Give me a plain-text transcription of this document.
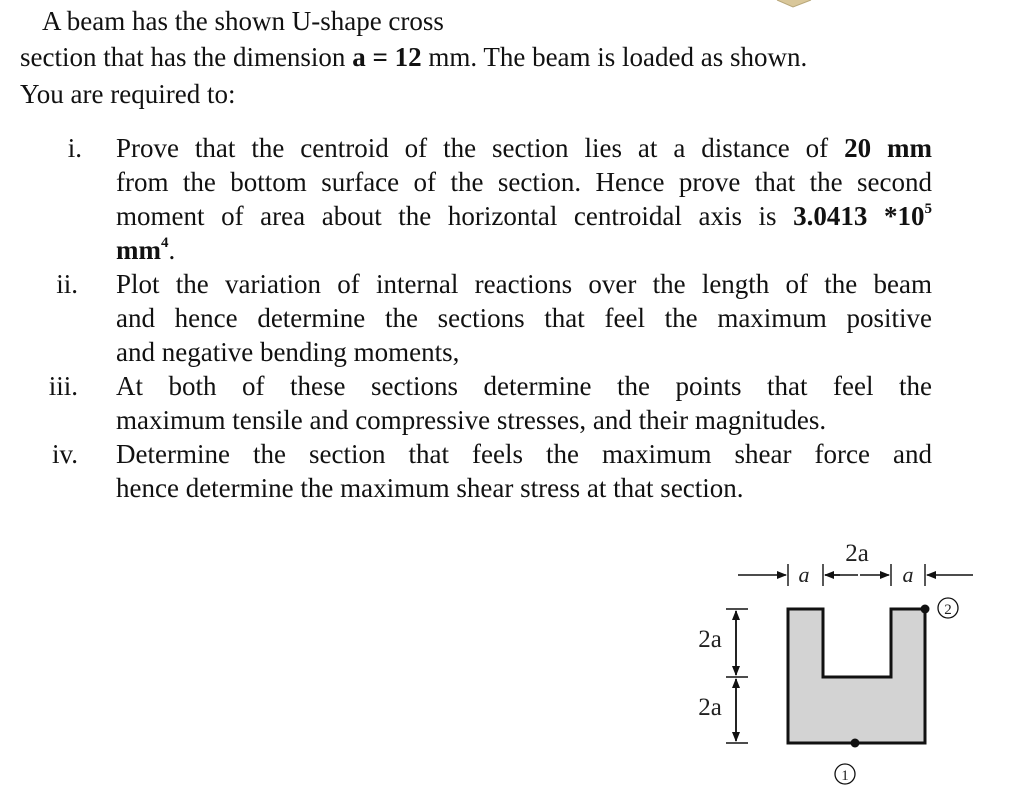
A beam has the shown U-shape cross
section that has the dimension a = 12 mm. The beam is loaded as shown.
You are required to:
i. Prove that the centroid of the section lies at a distance of 20 mm
from the bottom surface of the section. Hence prove that the second
moment of area about the horizontal centroidal axis is 3.0413 $*10^5$
$mm^4$.
ii. Plot the variation of internal reactions over the length of the beam
and hence determine the sections that feel the maximum positive
and negative bending moments,
iii. At both of these sections determine the points that feel the
maximum tensile and compressive stresses, and their magnitudes.
iv. Determine the section that feels the maximum shear force and
hence determine the maximum shear stress at that section.
a
2a
a
2a
2a
2
1
